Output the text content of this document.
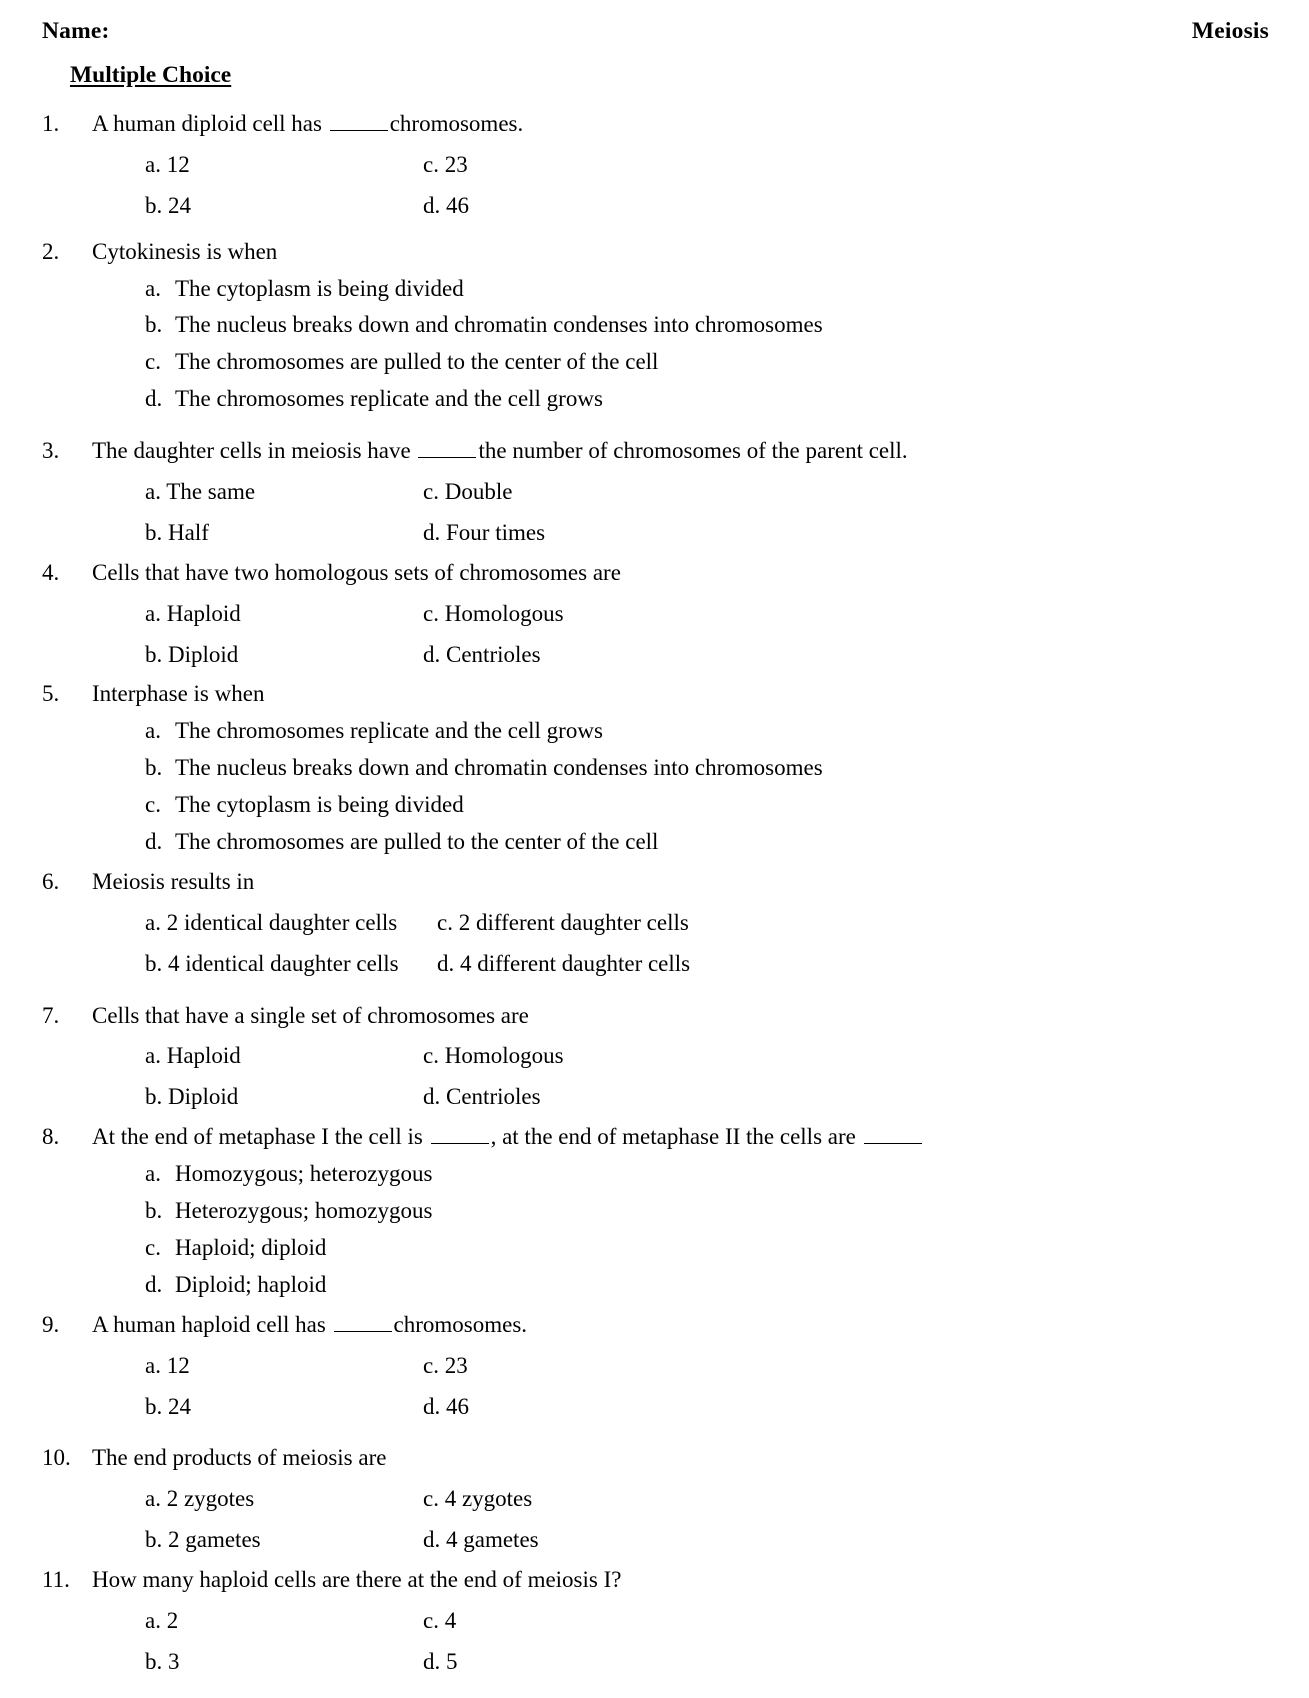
Name:	Meiosis
Multiple Choice
1.	A human diploid cell has	chromosomes.
a. 12	c. 23
b. 24	d. 46
2.	Cytokinesis is when
a. The cytoplasm is being divided
b. The nucleus breaks down and chromatin condenses into chromosomes
c. The chromosomes are pulled to the center of the cell
d. The chromosomes replicate and the cell grows
3.	The daughter cells in meiosis have	the number of chromosomes of the parent cell.
a. The same	c. Double
b. Half	d. Four times
4.	Cells that have two homologous sets of chromosomes are
a. Haploid	c. Homologous
b. Diploid	d. Centrioles
5.	Interphase is when
a. The chromosomes replicate and the cell grows
b. The nucleus breaks down and chromatin condenses into chromosomes
c. The cytoplasm is being divided
d. The chromosomes are pulled to the center of the cell
6.	Meiosis results in
a. 2 identical daughter cells	c. 2 different daughter cells
b. 4 identical daughter cells	d. 4 different daughter cells
7.	Cells that have a single set of chromosomes are
a. Haploid	c. Homologous
b. Diploid	d. Centrioles
8.	At the end of metaphase I the cell is	, at the end of metaphase II the cells are
a. Homozygous; heterozygous
b. Heterozygous; homozygous
c. Haploid; diploid
d. Diploid; haploid
9.	A human haploid cell has	chromosomes.
a. 12	c. 23
b. 24	d. 46
10. The end products of meiosis are
a. 2 zygotes	c. 4 zygotes
b. 2 gametes	d. 4 gametes
11. How many haploid cells are there at the end of meiosis I?
a. 2	c. 4
b. 3	d. 5
